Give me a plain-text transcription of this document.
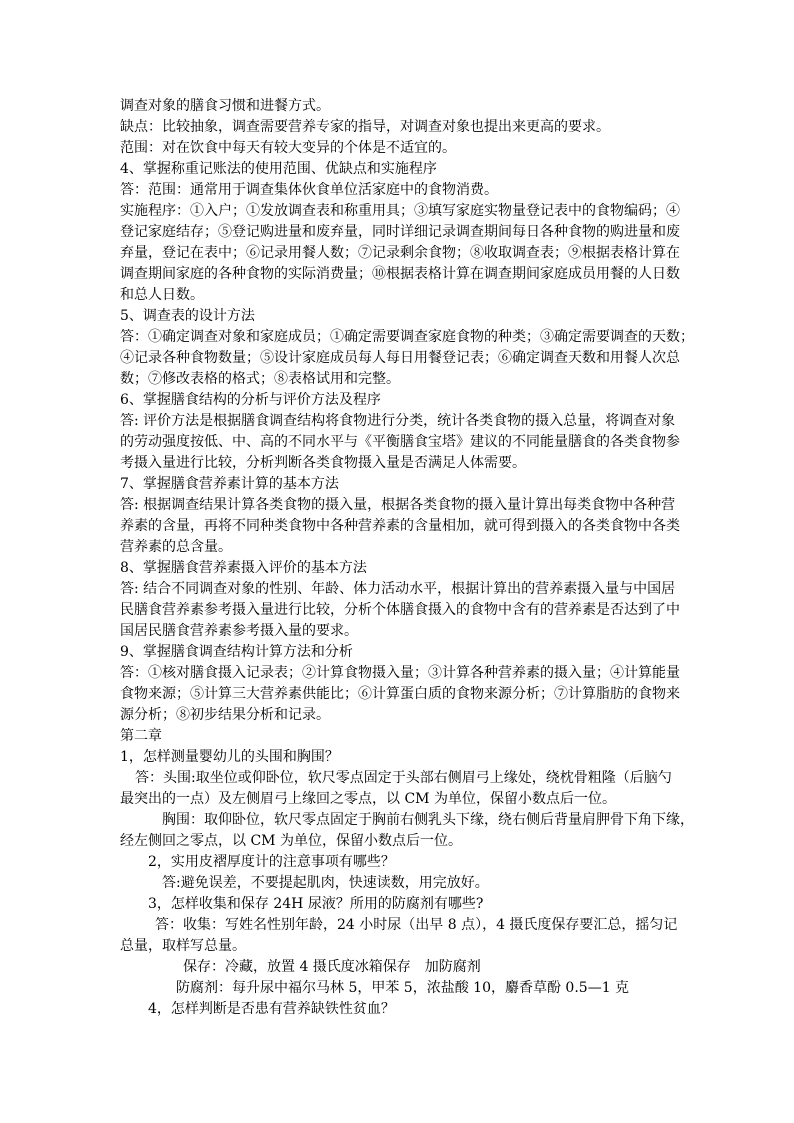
调查对象的膳食习惯和进餐方式。
缺点：比较抽象，调查需要营养专家的指导，对调查对象也提出来更高的要求。
范围：对在饮食中每天有较大变异的个体是不适宜的。
4、掌握称重记账法的使用范围、优缺点和实施程序
答：范围：通常用于调查集体伙食单位活家庭中的食物消费。
实施程序：①入户；①发放调查表和称重用具；③填写家庭实物量登记表中的食物编码；④
登记家庭结存；⑤登记购进量和废弃量，同时详细记录调查期间每日各种食物的购进量和废
弃量，登记在表中；⑥记录用餐人数；⑦记录剩余食物；⑧收取调查表；⑨根据表格计算在
调查期间家庭的各种食物的实际消费量；⑩根据表格计算在调查期间家庭成员用餐的人日数
和总人日数。
5、调查表的设计方法
答：①确定调查对象和家庭成员；①确定需要调查家庭食物的种类；③确定需要调查的天数；
④记录各种食物数量；⑤设计家庭成员每人每日用餐登记表；⑥确定调查天数和用餐人次总
数；⑦修改表格的格式；⑧表格试用和完整。
6、掌握膳食结构的分析与评价方法及程序
答: 评价方法是根据膳食调查结构将食物进行分类，统计各类食物的摄入总量，将调查对象
的劳动强度按低、中、高的不同水平与《平衡膳食宝塔》建议的不同能量膳食的各类食物参
考摄入量进行比较，分析判断各类食物摄入量是否满足人体需要。
7、掌握膳食营养素计算的基本方法
答: 根据调查结果计算各类食物的摄入量，根据各类食物的摄入量计算出每类食物中各种营
养素的含量，再将不同种类食物中各种营养素的含量相加，就可得到摄入的各类食物中各类
营养素的总含量。
8、掌握膳食营养素摄入评价的基本方法
答: 结合不同调查对象的性别、年龄、体力活动水平，根据计算出的营养素摄入量与中国居
民膳食营养素参考摄入量进行比较，分析个体膳食摄入的食物中含有的营养素是否达到了中
国居民膳食营养素参考摄入量的要求。
9、掌握膳食调查结构计算方法和分析
答：①核对膳食摄入记录表；②计算食物摄入量；③计算各种营养素的摄入量；④计算能量
食物来源；⑤计算三大营养素供能比；⑥计算蛋白质的食物来源分析；⑦计算脂肪的食物来
源分析；⑧初步结果分析和记录。
第二章
1，怎样测量婴幼儿的头围和胸围？
答：头围:取坐位或仰卧位，软尺零点固定于头部右侧眉弓上缘处，绕枕骨粗隆（后脑勺
最突出的一点）及左侧眉弓上缘回之零点，以 CM 为单位，保留小数点后一位。
胸围：取仰卧位，软尺零点固定于胸前右侧乳头下缘，绕右侧后背量肩胛骨下角下缘，
经左侧回之零点，以 CM 为单位，保留小数点后一位。
2，实用皮褶厚度计的注意事项有哪些？
答:避免误差，不要提起肌肉，快速读数，用完放好。
3，怎样收集和保存 24H 尿液？所用的防腐剂有哪些?
答：收集：写姓名性别年龄，24 小时尿（出早 8 点），4 摄氏度保存要汇总，摇匀记
总量，取样写总量。
保存：冷藏，放置 4 摄氏度冰箱保存　加防腐剂
防腐剂：每升尿中福尔马林 5，甲苯 5，浓盐酸 10，麝香草酚 0.5—1 克
4，怎样判断是否患有营养缺铁性贫血？
